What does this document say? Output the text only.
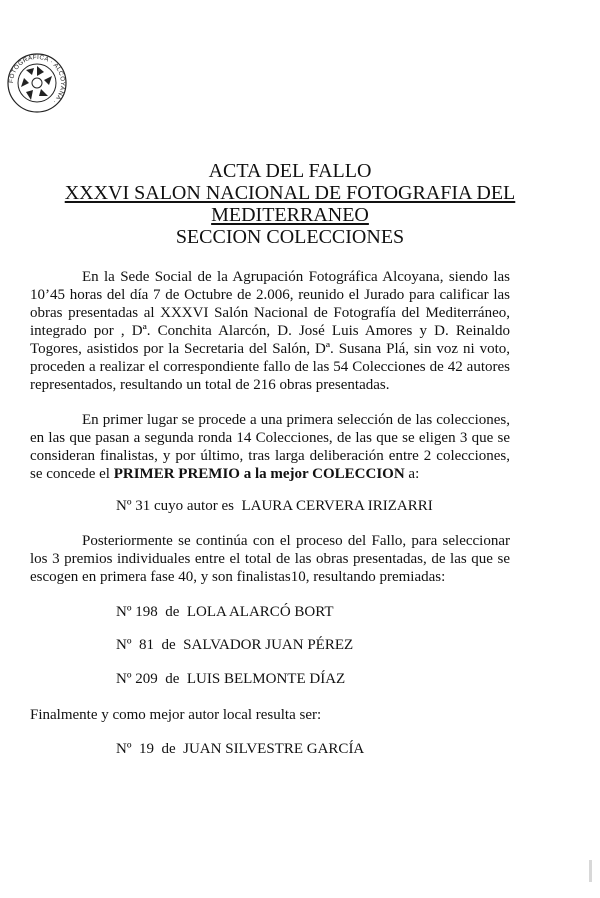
FOTOGRAFICA · ALCOYANA ·
ACTA DEL FALLO
XXXVI SALON NACIONAL DE FOTOGRAFIA DEL
MEDITERRANEO
SECCION COLECCIONES
En la Sede Social de la Agrupación Fotográfica Alcoyana, siendo las 10’45 horas del día 7 de Octubre de 2.006, reunido el Jurado para calificar las obras presentadas al XXXVI Salón Nacional de Fotografía del Mediterráneo, integrado por , Dª. Conchita Alarcón, D. José Luis Amores y D. Reinaldo Togores, asistidos por la Secretaria del Salón, Dª. Susana Plá, sin voz ni voto, proceden a realizar el correspondiente fallo de las 54 Colecciones de 42 autores representados, resultando un total de 216 obras presentadas.
En primer lugar se procede a una primera selección de las colecciones, en las que pasan a segunda ronda 14 Colecciones, de las que se eligen 3 que se consideran finalistas, y por último, tras larga deliberación entre 2 colecciones, se concede el PRIMER PREMIO a la mejor COLECCION a:
Nº 31 cuyo autor es  LAURA CERVERA IRIZARRI
Posteriormente se continúa con el proceso del Fallo, para seleccionar los 3 premios individuales entre el total de las obras presentadas, de las que se escogen en primera fase 40, y son finalistas10, resultando premiadas:
Nº 198  de  LOLA ALARCÓ BORT
Nº  81  de  SALVADOR JUAN PÉREZ
Nº 209  de  LUIS BELMONTE DÍAZ
Finalmente y como mejor autor local resulta ser:
Nº  19  de  JUAN SILVESTRE GARCÍA
